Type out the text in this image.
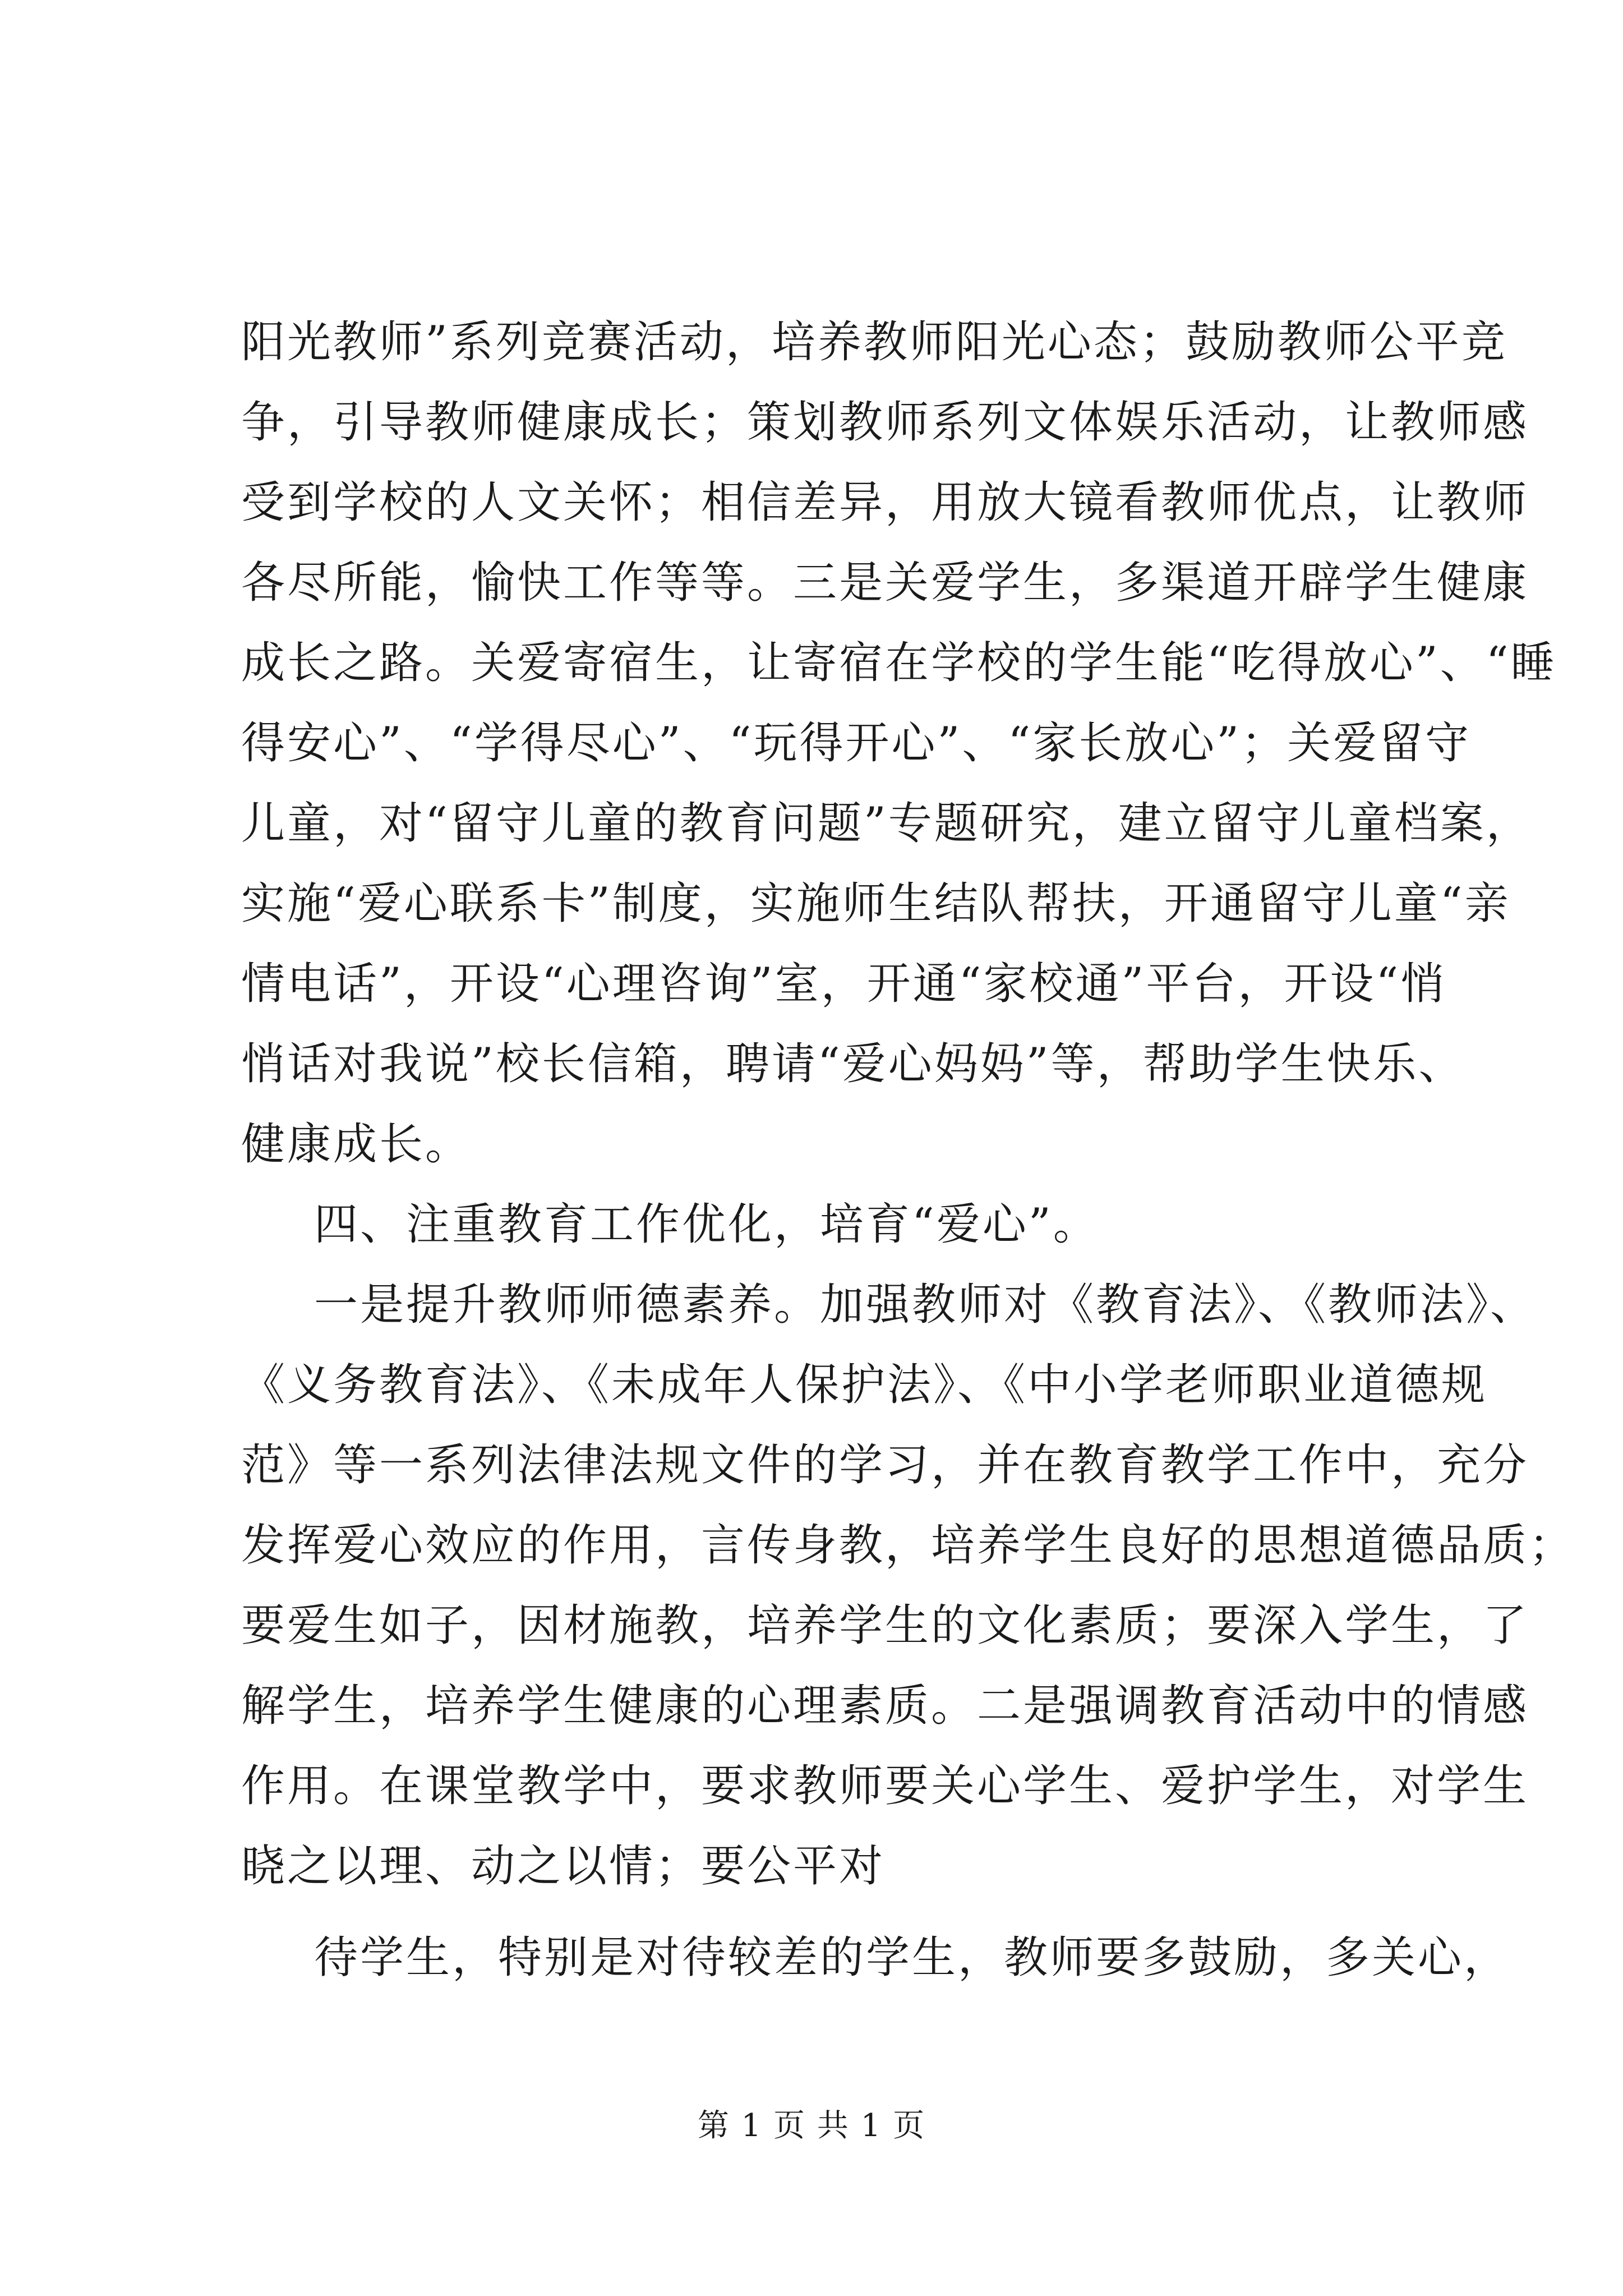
阳光教师”系列竞赛活动，培养教师阳光心态；鼓励教师公平竞
争，引导教师健康成长；策划教师系列文体娱乐活动，让教师感
受到学校的人文关怀；相信差异，用放大镜看教师优点，让教师
各尽所能，愉快工作等等。三是关爱学生，多渠道开辟学生健康
成长之路。关爱寄宿生，让寄宿在学校的学生能“吃得放心”、“睡
得安心”、“学得尽心”、“玩得开心”、“家长放心”；关爱留守
儿童，对“留守儿童的教育问题”专题研究，建立留守儿童档案，
实施“爱心联系卡”制度，实施师生结队帮扶，开通留守儿童“亲
情电话”，开设“心理咨询”室，开通“家校通”平台，开设“悄
悄话对我说”校长信箱，聘请“爱心妈妈”等，帮助学生快乐、
健康成长。
四、注重教育工作优化，培育“爱心”。
一是提升教师师德素养。加强教师对《教育法》、《教师法》、
《义务教育法》、《未成年人保护法》、《中小学老师职业道德规
范》等一系列法律法规文件的学习，并在教育教学工作中，充分
发挥爱心效应的作用，言传身教，培养学生良好的思想道德品质；
要爱生如子，因材施教，培养学生的文化素质；要深入学生，了
解学生，培养学生健康的心理素质。二是强调教育活动中的情感
作用。在课堂教学中，要求教师要关心学生、爱护学生，对学生
晓之以理、动之以情；要公平对
待学生，特别是对待较差的学生，教师要多鼓励，多关心，
第 1 页 共 1 页
